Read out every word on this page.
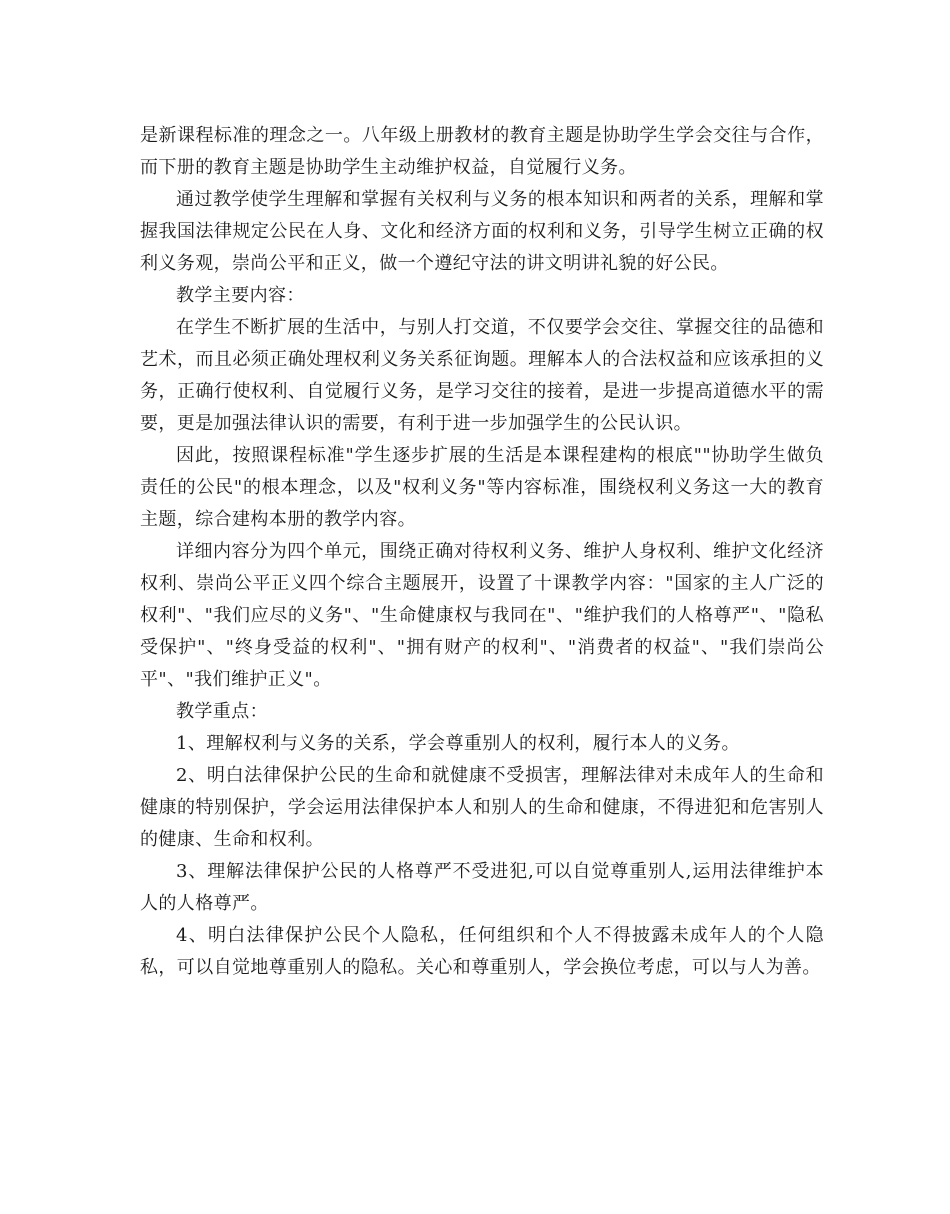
是新课程标准的理念之一。八年级上册教材的教育主题是协助学生学会交往与合作，而下册的教育主题是协助学生主动维护权益，自觉履行义务。

通过教学使学生理解和掌握有关权利与义务的根本知识和两者的关系，理解和掌握我国法律规定公民在人身、文化和经济方面的权利和义务，引导学生树立正确的权利义务观，崇尚公平和正义，做一个遵纪守法的讲文明讲礼貌的好公民。

教学主要内容：

在学生不断扩展的生活中，与别人打交道，不仅要学会交往、掌握交往的品德和艺术，而且必须正确处理权利义务关系征询题。理解本人的合法权益和应该承担的义务，正确行使权利、自觉履行义务，是学习交往的接着，是进一步提高道德水平的需要，更是加强法律认识的需要，有利于进一步加强学生的公民认识。

因此，按照课程标准"学生逐步扩展的生活是本课程建构的根底""协助学生做负责任的公民"的根本理念，以及"权利义务"等内容标准，围绕权利义务这一大的教育主题，综合建构本册的教学内容。

详细内容分为四个单元，围绕正确对待权利义务、维护人身权利、维护文化经济权利、崇尚公平正义四个综合主题展开，设置了十课教学内容："国家的主人广泛的权利"、"我们应尽的义务"、"生命健康权与我同在"、"维护我们的人格尊严"、"隐私受保护"、"终身受益的权利"、"拥有财产的权利"、"消费者的权益"、"我们崇尚公平"、"我们维护正义"。

教学重点：

1、理解权利与义务的关系，学会尊重别人的权利，履行本人的义务。

2、明白法律保护公民的生命和就健康不受损害，理解法律对未成年人的生命和健康的特别保护，学会运用法律保护本人和别人的生命和健康，不得进犯和危害别人的健康、生命和权利。

3、理解法律保护公民的人格尊严不受进犯,可以自觉尊重别人,运用法律维护本人的人格尊严。

4、明白法律保护公民个人隐私，任何组织和个人不得披露未成年人的个人隐私，可以自觉地尊重别人的隐私。关心和尊重别人，学会换位考虑，可以与人为善。
